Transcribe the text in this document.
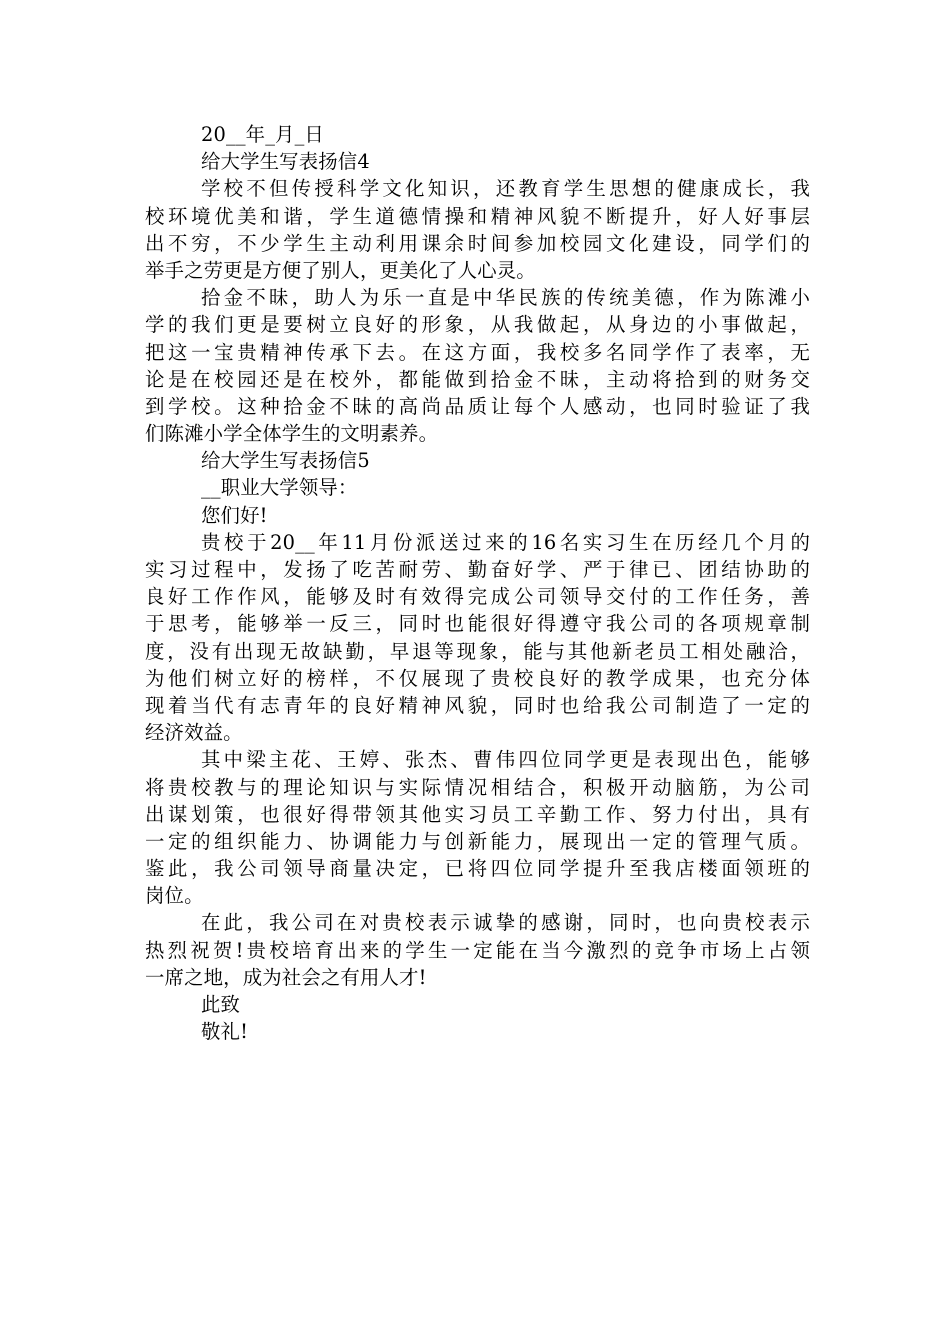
20__年_月_日
给大学生写表扬信4
学校不但传授科学文化知识，还教育学生思想的健康成长，我
校环境优美和谐，学生道德情操和精神风貌不断提升，好人好事层
出不穷，不少学生主动利用课余时间参加校园文化建设，同学们的
举手之劳更是方便了别人，更美化了人心灵。
拾金不昧，助人为乐一直是中华民族的传统美德，作为陈滩小
学的我们更是要树立良好的形象，从我做起，从身边的小事做起，
把这一宝贵精神传承下去。在这方面，我校多名同学作了表率，无
论是在校园还是在校外，都能做到拾金不昧，主动将拾到的财务交
到学校。这种拾金不昧的高尚品质让每个人感动，也同时验证了我
们陈滩小学全体学生的文明素养。
给大学生写表扬信5
__职业大学领导：
您们好!
贵校于20__年11月份派送过来的16名实习生在历经几个月的
实习过程中，发扬了吃苦耐劳、勤奋好学、严于律已、团结协助的
良好工作作风，能够及时有效得完成公司领导交付的工作任务，善
于思考，能够举一反三，同时也能很好得遵守我公司的各项规章制
度，没有出现无故缺勤，早退等现象，能与其他新老员工相处融洽，
为他们树立好的榜样，不仅展现了贵校良好的教学成果，也充分体
现着当代有志青年的良好精神风貌，同时也给我公司制造了一定的
经济效益。
其中梁主花、王婷、张杰、曹伟四位同学更是表现出色，能够
将贵校教与的理论知识与实际情况相结合，积极开动脑筋，为公司
出谋划策，也很好得带领其他实习员工辛勤工作、努力付出，具有
一定的组织能力、协调能力与创新能力，展现出一定的管理气质。
鉴此，我公司领导商量决定，已将四位同学提升至我店楼面领班的
岗位。
在此，我公司在对贵校表示诚挚的感谢，同时，也向贵校表示
热烈祝贺!贵校培育出来的学生一定能在当今激烈的竞争市场上占领
一席之地，成为社会之有用人才!
此致
敬礼!
